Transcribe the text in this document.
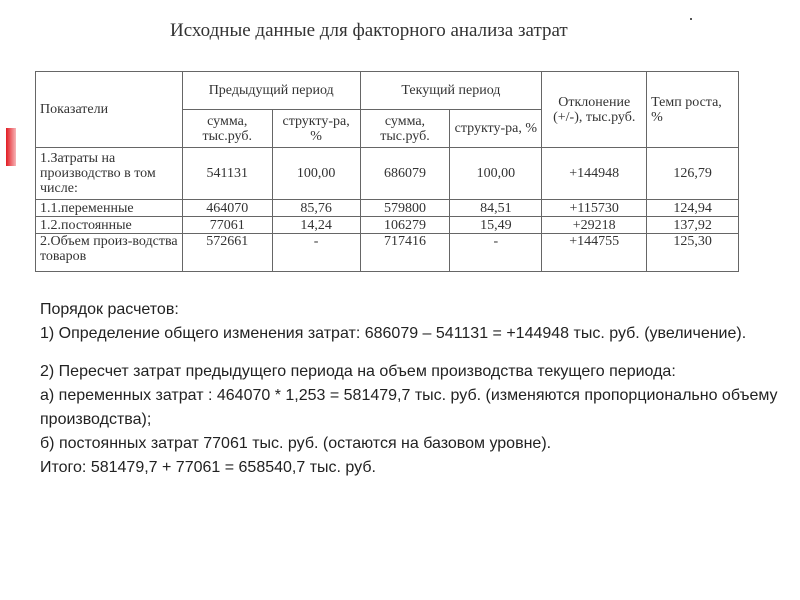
Исходные данные для факторного анализа затрат
Показатели	Предыдущий период		Текущий период		Отклонение (+/-), тыс.руб.	Темп роста, %
	сумма, тыс.руб.	структу-ра, %	сумма, тыс.руб.	структу-ра, %		
1.Затраты на производство в том числе:	541131	100,00	686079	100,00	+144948	126,79
1.1.переменные	464070	85,76	579800	84,51	+115730	124,94
1.2.постоянные	77061	14,24	106279	15,49	+29218	137,92
2.Объем произ-водства товаров	572661	-	717416	-	+144755	125,30

Порядок расчетов:

1) Определение общего изменения затрат: 686079 – 541131 = +144948 тыс. руб. (увеличение).

2) Пересчет затрат предыдущего периода на объем производства текущего периода:

а) переменных затрат : 464070 * 1,253 = 581479,7 тыс. руб. (изменяются пропорционально объему производства);

б) постоянных затрат 77061 тыс. руб. (остаются на базовом уровне).

Итого: 581479,7 + 77061 = 658540,7 тыс. руб.
